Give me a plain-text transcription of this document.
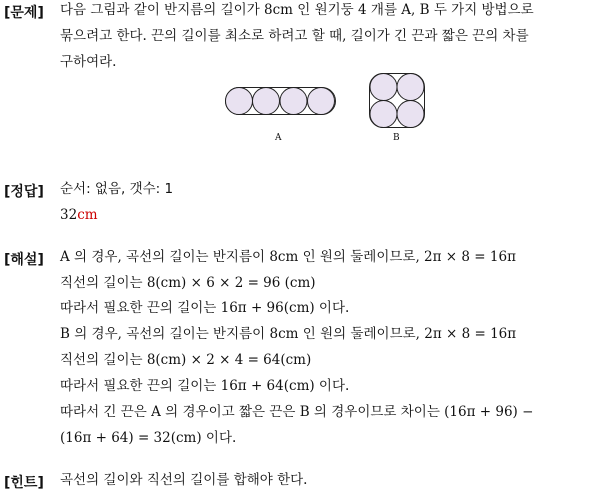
[문제] 다음 그림과 같이 반지름의 길이가 8cm 인 원기둥 4 개를 A, B 두 가지 방법으로
묶으려고 한다. 끈의 길이를 최소로 하려고 할 때, 길이가 긴 끈과 짧은 끈의 차를
구하여라.
A	B
[정답] 순서: 없음, 갯수: 1
32cm
[해설] A 의 경우, 곡선의 길이는 반지름이 8cm 인 원의 둘레이므로, 2π × 8 = 16π
직선의 길이는 8(cm) × 6 × 2 = 96 (cm)
따라서 필요한 끈의 길이는 16π + 96(cm) 이다.
B 의 경우, 곡선의 길이는 반지름이 8cm 인 원의 둘레이므로, 2π × 8 = 16π
직선의 길이는 8(cm) × 2 × 4 = 64(cm)
따라서 필요한 끈의 길이는 16π + 64(cm) 이다.
따라서 긴 끈은 A 의 경우이고 짧은 끈은 B 의 경우이므로 차이는 (16π + 96) −
(16π + 64) = 32(cm) 이다.
[힌트] 곡선의 길이와 직선의 길이를 합해야 한다.
